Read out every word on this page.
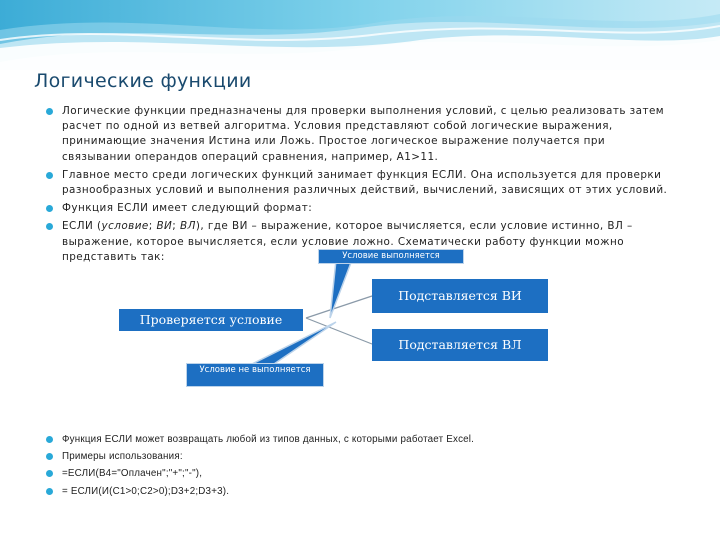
Логические функции
Логические функции предназначены для проверки выполнения условий, с целью реализовать затем расчет по одной из ветвей алгоритма. Условия представляют собой логические выражения, принимающие значения Истина или Ложь. Простое логическое выражение получается при связывании операндов операций сравнения, например, А1>11.
Главное место среди логических функций занимает функция ЕСЛИ. Она используется для проверки разнообразных условий и выполнения различных действий, вычислений, зависящих от этих условий.
Функция ЕСЛИ имеет следующий формат:
ЕСЛИ (условие; ВИ; ВЛ), где ВИ – выражение, которое вычисляется, если условие истинно, ВЛ – выражение, которое вычисляется, если условие ложно. Схематически работу функции можно представить так:
Проверяется условие
Подставляется ВИ
Подставляется ВЛ
Условие выполняется
Условие не выполняется
Функция ЕСЛИ может возвращать любой из типов данных, с которыми работает Excel.
Примеры использования:
=ЕСЛИ(В4="Оплачен";"+";"-"),
= ЕСЛИ(И(C1>0;C2>0);D3+2;D3+3).
